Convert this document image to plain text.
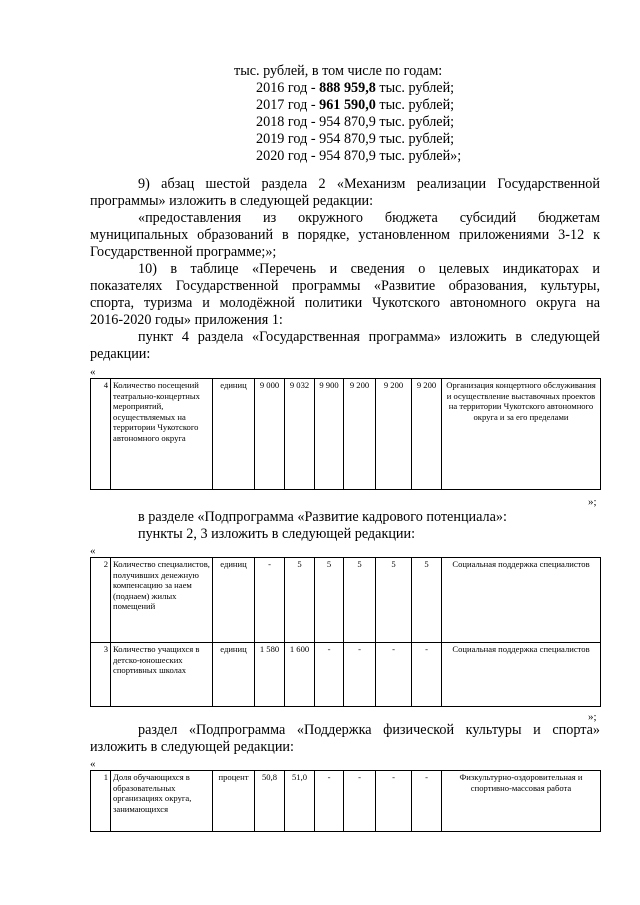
тыс. рублей, в том числе по годам:
2016 год - 888 959,8 тыс. рублей;
2017 год - 961 590,0 тыс. рублей;
2018 год - 954 870,9 тыс. рублей;
2019 год - 954 870,9 тыс. рублей;
2020 год - 954 870,9 тыс. рублей»;
9) абзац шестой раздела 2 «Механизм реализации Государственной
программы» изложить в следующей редакции:
«предоставления из окружного бюджета субсидий бюджетам
муниципальных образований в порядке, установленном приложениями 3-12 к
Государственной программе;»;
10) в таблице «Перечень и сведения о целевых индикаторах и
показателях Государственной программы «Развитие образования, культуры,
спорта, туризма и молодёжной политики Чукотского автономного округа на
2016-2020 годы» приложения 1:
пункт 4 раздела «Государственная программа» изложить в следующей
редакции:
«
4	Количество посещений театрально-концертных мероприятий, осуществляемых на территории Чукотского автономного округа	единиц	9 000	9 032	9 900	9 200	9 200	9 200	Организация концертного обслуживания и осуществление выставочных проектов на территории Чукотского автономного округа и за его пределами
»;
в разделе «Подпрограмма «Развитие кадрового потенциала»:
пункты 2, 3 изложить в следующей редакции:
«
2	Количество специалистов, получивших денежную компенсацию за наем (поднаем) жилых помещений	единиц	-	5	5	5	5	5	Социальная поддержка специалистов
3	Количество учащихся в детско-юношеских спортивных школах	единиц	1 580	1 600	-	-	-	-	Социальная поддержка специалистов
»;
раздел «Подпрограмма «Поддержка физической культуры и спорта»
изложить в следующей редакции:
«
1	Доля обучающихся в образовательных организациях округа, занимающихся	процент	50,8	51,0	-	-	-	-	Физкультурно-оздоровительная и спортивно-массовая работа
